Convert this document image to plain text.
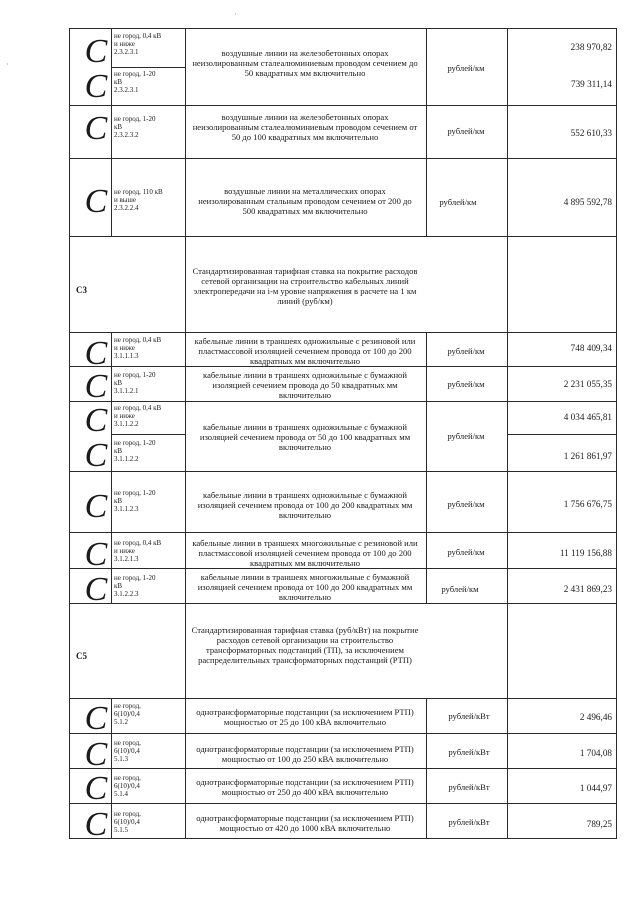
C
C
C
C
C
C
C
C
C
C
C
C
C
C
C
не город, 0,4 кВ
и ниже
2.3.2.3.1
не город, 1-20
кВ
2.3.2.3.1
не город, 1-20
кВ
2.3.2.3.2
не город, 110 кВ
и выше
2.3.2.2.4
не город, 0,4 кВ
и ниже
3.1.1.1.3
не город, 1-20
кВ
3.1.1.2.1
не город, 0,4 кВ
и ниже
3.1.1.2.2
не город, 1-20
кВ
3.1.1.2.2
не город, 1-20
кВ
3.1.1.2.3
не город, 0,4 кВ
и ниже
3.1.2.1.3
не город, 1-20
кВ
3.1.2.2.3
не город,
6(10)/0,4
5.1.2
не город,
6(10)/0,4
5.1.3
не город,
6(10)/0,4
5.1.4
не город,
6(10)/0,4
5.1.5
C3
C5
воздушные линии на железобетонных опорах неизолированным сталеалюминиевым проводом сечением до 50 квадратных мм включительно
воздушные линии на железобетонных опорах неизолированным сталеалюминиевым проводом сечением от 50 до 100 квадратных мм включительно
воздушные линии на металлических опорах неизолированным стальным проводом сечением от 200 до 500 квадратных мм включительно
Стандартизированная тарифная ставка на покрытие расходов сетевой организации на строительство кабельных линий электропередачи на i-м уровне напряжения в расчете на 1 км линий (руб/км)
кабельные линии в траншеях одножильные с резиновой или пластмассовой изоляцией сечением провода от 100 до 200 квадратных мм включительно
кабельные линии в траншеях одножильные с бумажной изоляцией сечением провода до 50 квадратных мм включительно
кабельные линии в траншеях одножильные с бумажной изоляцией сечением провода от 50 до 100 квадратных мм включительно
кабельные линии в траншеях одножильные с бумажной изоляцией сечением провода от 100 до 200 квадратных мм включительно
кабельные линии в траншеях многожильные с резиновой или пластмассовой изоляцией сечением провода от 100 до 200 квадратных мм включительно
кабельные линии в траншеях многожильные с бумажной изоляцией сечением провода от 100 до 200 квадратных мм включительно
Стандартизированная тарифная ставка (руб/кВт) на покрытие расходов сетевой организации на строительство трансформаторных подстанций (ТП), за исключением распределительных трансформаторных подстанций (РТП)
однотрансформаторные подстанции (за исключением РТП) мощностью от 25 до 100 кВА включительно
однотрансформаторные подстанции (за исключением РТП) мощностью от 100 до 250 кВА включительно
однотрансформаторные подстанции (за исключением РТП) мощностью от 250 до 400 кВА включительно
однотрансформаторные подстанции (за исключением РТП) мощностью от 420 до 1000 кВА включительно
рублей/км
рублей/км
рублей/км
рублей/км
рублей/км
рублей/км
рублей/км
рублей/км
рублей/км
рублей/кВт
рублей/кВт
рублей/кВт
рублей/кВт
238 970,82
739 311,14
552 610,33
4 895 592,78
748 409,34
2 231 055,35
4 034 465,81
1 261 861,97
1 756 676,75
11 119 156,88
2 431 869,23
2 496,46
1 704,08
1 044,97
789,25
·
·
